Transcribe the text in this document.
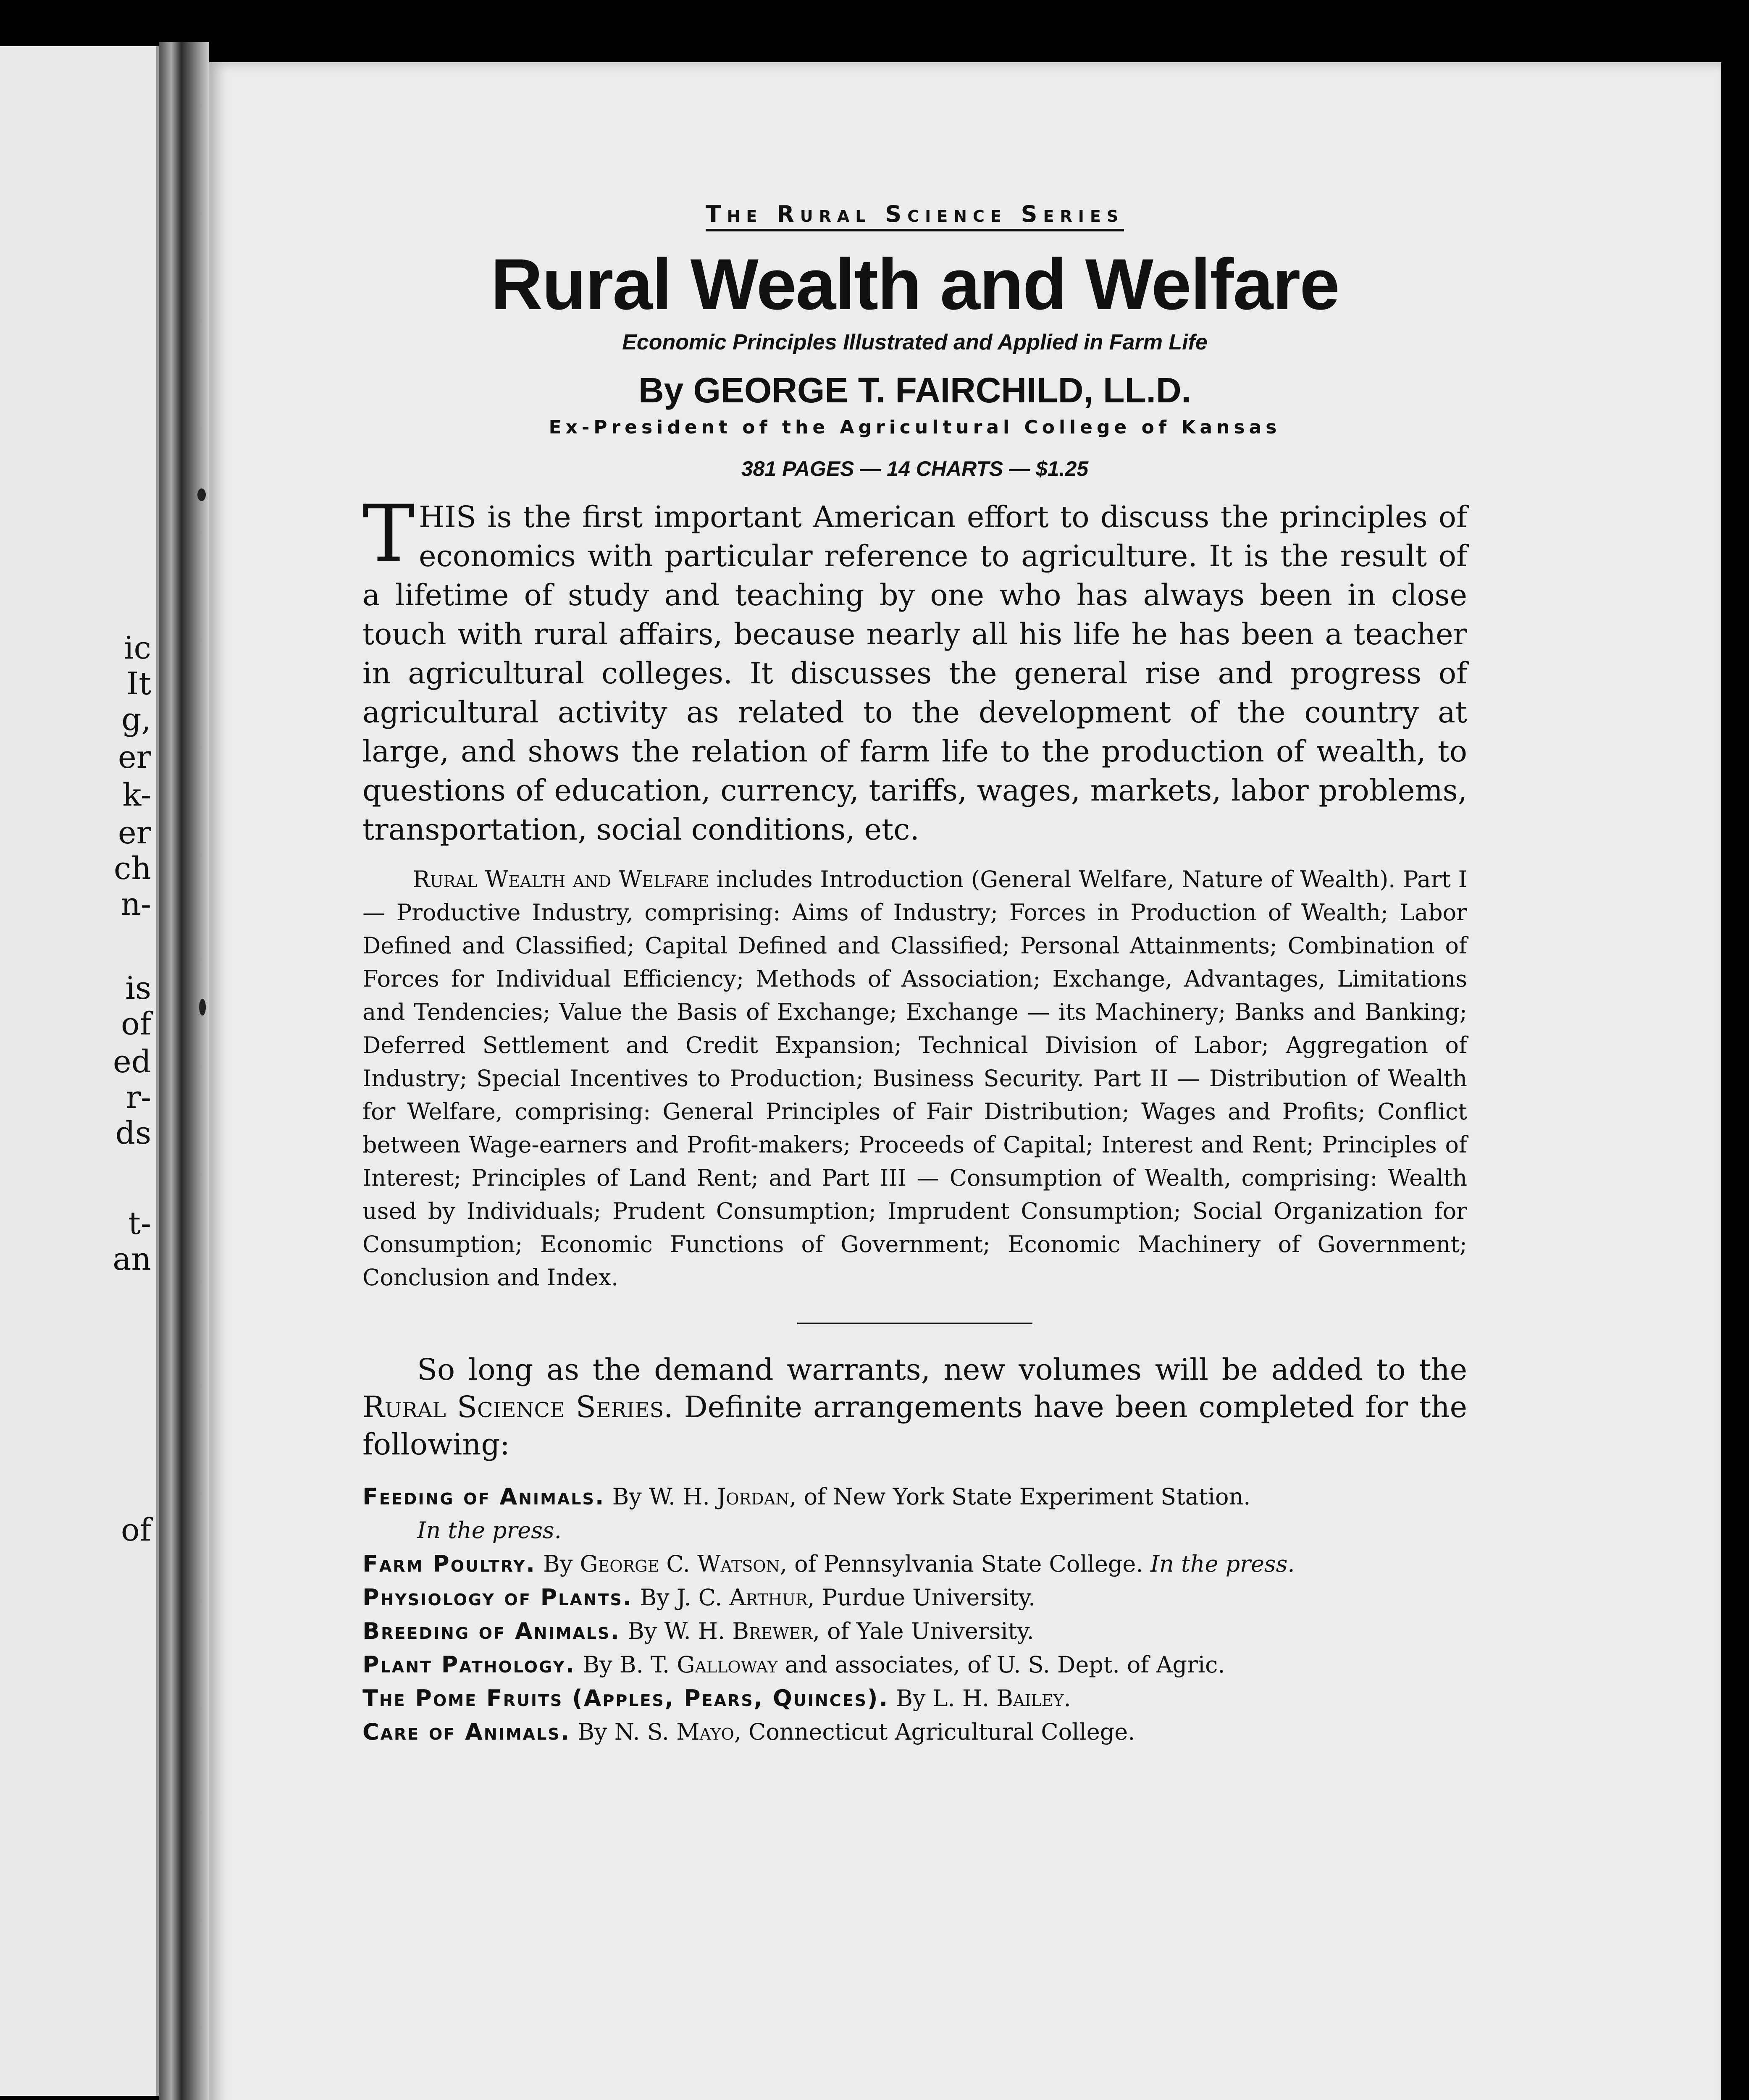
ic
It
g,
er
k-
er
ch
n-
is
of
ed
r-
ds
t-
an
of
The Rural Science Series
Rural Wealth and Welfare
Economic Principles Illustrated and Applied in Farm Life
By GEORGE T. FAIRCHILD, LL.D.
Ex-President of the Agricultural College of Kansas
381 PAGES — 14 CHARTS — $1.25

THIS is the first important American effort to discuss the principles of economics with particular reference to agriculture. It is the result of a lifetime of study and teaching by one who has always been in close touch with rural affairs, because nearly all his life he has been a teacher in agricultural colleges. It discusses the general rise and progress of agricultural activity as related to the development of the country at large, and shows the relation of farm life to the production of wealth, to questions of education, currency, tariffs, wages, markets, labor problems, transportation, social conditions, etc.

Rural Wealth and Welfare includes Introduction (General Welfare, Nature of Wealth). Part I — Productive Industry, comprising: Aims of Industry; Forces in Production of Wealth; Labor Defined and Classified; Capital Defined and Classified; Personal Attainments; Combination of Forces for Individual Efficiency; Methods of Association; Exchange, Advantages, Limitations and Tendencies; Value the Basis of Exchange; Exchange — its Machinery; Banks and Banking; Deferred Settlement and Credit Expansion; Technical Division of Labor; Aggregation of Industry; Special Incentives to Production; Business Security. Part II — Distribution of Wealth for Welfare, comprising: General Principles of Fair Distribution; Wages and Profits; Conflict between Wage-earners and Profit-makers; Proceeds of Capital; Interest and Rent; Principles of Interest; Principles of Land Rent; and Part III — Consumption of Wealth, comprising: Wealth used by Individuals; Prudent Consumption; Imprudent Consumption; Social Organization for Consumption; Economic Functions of Government; Economic Machinery of Government; Conclusion and Index.

So long as the demand warrants, new volumes will be added to the Rural Science Series. Definite arrangements have been completed for the following:

Feeding of Animals. By W. H. Jordan, of New York State Experiment Station.
In the press.
Farm Poultry. By George C. Watson, of Pennsylvania State College. In the press.
Physiology of Plants. By J. C. Arthur, Purdue University.
Breeding of Animals. By W. H. Brewer, of Yale University.
Plant Pathology. By B. T. Galloway and associates, of U. S. Dept. of Agric.
The Pome Fruits (Apples, Pears, Quinces). By L. H. Bailey.
Care of Animals. By N. S. Mayo, Connecticut Agricultural College.
